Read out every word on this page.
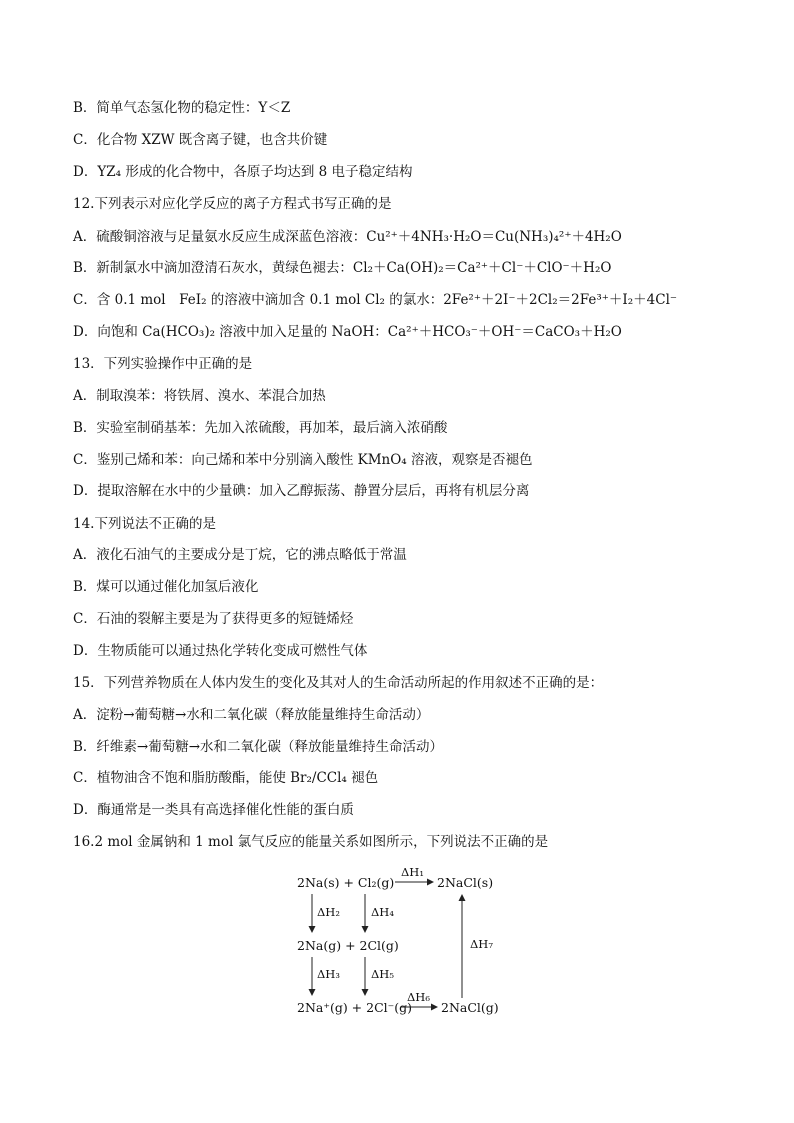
B．简单气态氢化物的稳定性：Y＜Z
C．化合物 XZW 既含离子键，也含共价键
D．YZ₄ 形成的化合物中，各原子均达到 8 电子稳定结构
12.下列表示对应化学反应的离子方程式书写正确的是
A．硫酸铜溶液与足量氨水反应生成深蓝色溶液：Cu²⁺＋4NH₃·H₂O＝Cu(NH₃)₄²⁺＋4H₂O
B．新制氯水中滴加澄清石灰水，黄绿色褪去：Cl₂＋Ca(OH)₂＝Ca²⁺＋Cl⁻＋ClO⁻＋H₂O
C．含 0.1 mol　FeI₂ 的溶液中滴加含 0.1 mol Cl₂ 的氯水：2Fe²⁺＋2I⁻＋2Cl₂＝2Fe³⁺＋I₂＋4Cl⁻
D．向饱和 Ca(HCO₃)₂ 溶液中加入足量的 NaOH：Ca²⁺＋HCO₃⁻＋OH⁻＝CaCO₃＋H₂O
13．下列实验操作中正确的是
A．制取溴苯：将铁屑、溴水、苯混合加热
B．实验室制硝基苯：先加入浓硫酸，再加苯，最后滴入浓硝酸
C．鉴别己烯和苯：向己烯和苯中分别滴入酸性 KMnO₄ 溶液，观察是否褪色
D．提取溶解在水中的少量碘：加入乙醇振荡、静置分层后，再将有机层分离
14.下列说法不正确的是
A．液化石油气的主要成分是丁烷，它的沸点略低于常温
B．煤可以通过催化加氢后液化
C．石油的裂解主要是为了获得更多的短链烯烃
D．生物质能可以通过热化学转化变成可燃性气体
15．下列营养物质在人体内发生的变化及其对人的生命活动所起的作用叙述不正确的是：
A．淀粉→葡萄糖→水和二氧化碳（释放能量维持生命活动）
B．纤维素→葡萄糖→水和二氧化碳（释放能量维持生命活动）
C．植物油含不饱和脂肪酸酯，能使 Br₂/CCl₄ 褪色
D．酶通常是一类具有高选择催化性能的蛋白质
16.2 mol 金属钠和 1 mol 氯气反应的能量关系如图所示，下列说法不正确的是
2Na(s) + Cl₂(g)	2NaCl(s)
ΔH₁
ΔH₂	ΔH₄
2Na(g) + 2Cl(g)
ΔH₃	ΔH₅
2Na⁺(g) + 2Cl⁻(g)
ΔH₆
2NaCl(g)
ΔH₇
